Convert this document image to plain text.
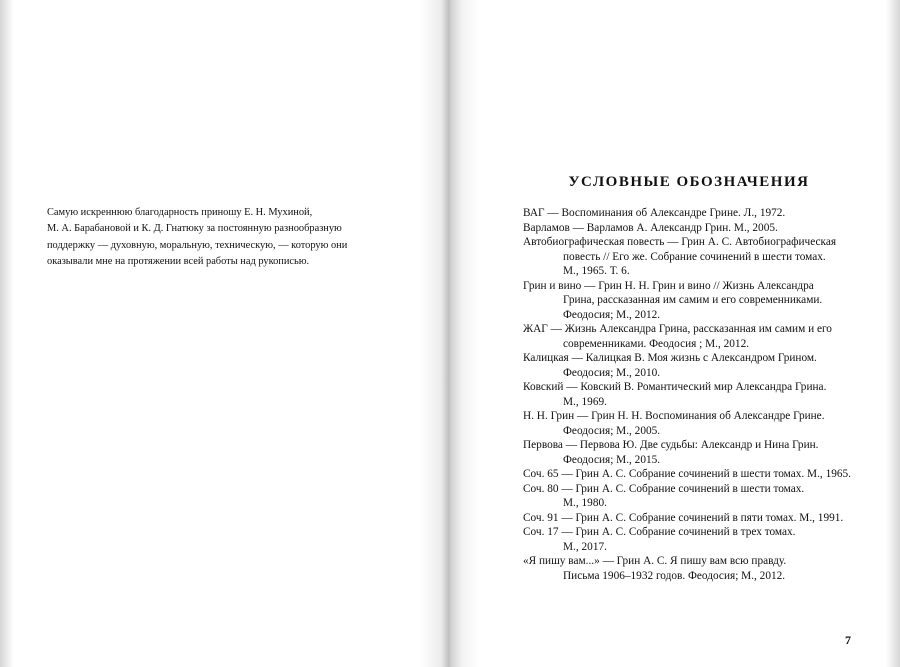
Самую искреннюю благодарность приношу Е. Н. Мухиной,
М. А. Барабановой и К. Д. Гнатюку за постоянную разнообразную
поддержку — духовную, моральную, техническую, — которую они
оказывали мне на протяжении всей работы над рукописью.

УСЛОВНЫЕ ОБОЗНАЧЕНИЯ
ВАГ — Воспоминания об Александре Грине. Л., 1972.
Варламов — Варламов А. Александр Грин. М., 2005.
Автобиографическая повесть — Грин А. С. Автобиографическая
повесть // Его же. Собрание сочинений в шести томах.
М., 1965. Т. 6.
Грин и вино — Грин Н. Н. Грин и вино // Жизнь Александра
Грина, рассказанная им самим и его современниками.
Феодосия; М., 2012.
ЖАГ — Жизнь Александра Грина, рассказанная им самим и его
современниками. Феодосия ; М., 2012.
Калицкая — Калицкая В. Моя жизнь с Александром Грином.
Феодосия; М., 2010.
Ковский — Ковский В. Романтический мир Александра Грина.
М., 1969.
Н. Н. Грин — Грин Н. Н. Воспоминания об Александре Грине.
Феодосия; М., 2005.
Первова — Первова Ю. Две судьбы: Александр и Нина Грин.
Феодосия; М., 2015.
Соч. 65 — Грин А. С. Собрание сочинений в шести томах. М., 1965.
Соч. 80 — Грин А. С. Собрание сочинений в шести томах.
М., 1980.
Соч. 91 — Грин А. С. Собрание сочинений в пяти томах. М., 1991.
Соч. 17 — Грин А. С. Собрание сочинений в трех томах.
М., 2017.
«Я пишу вам...» — Грин А. С. Я пишу вам всю правду.
Письма 1906–1932 годов. Феодосия; М., 2012.

7
